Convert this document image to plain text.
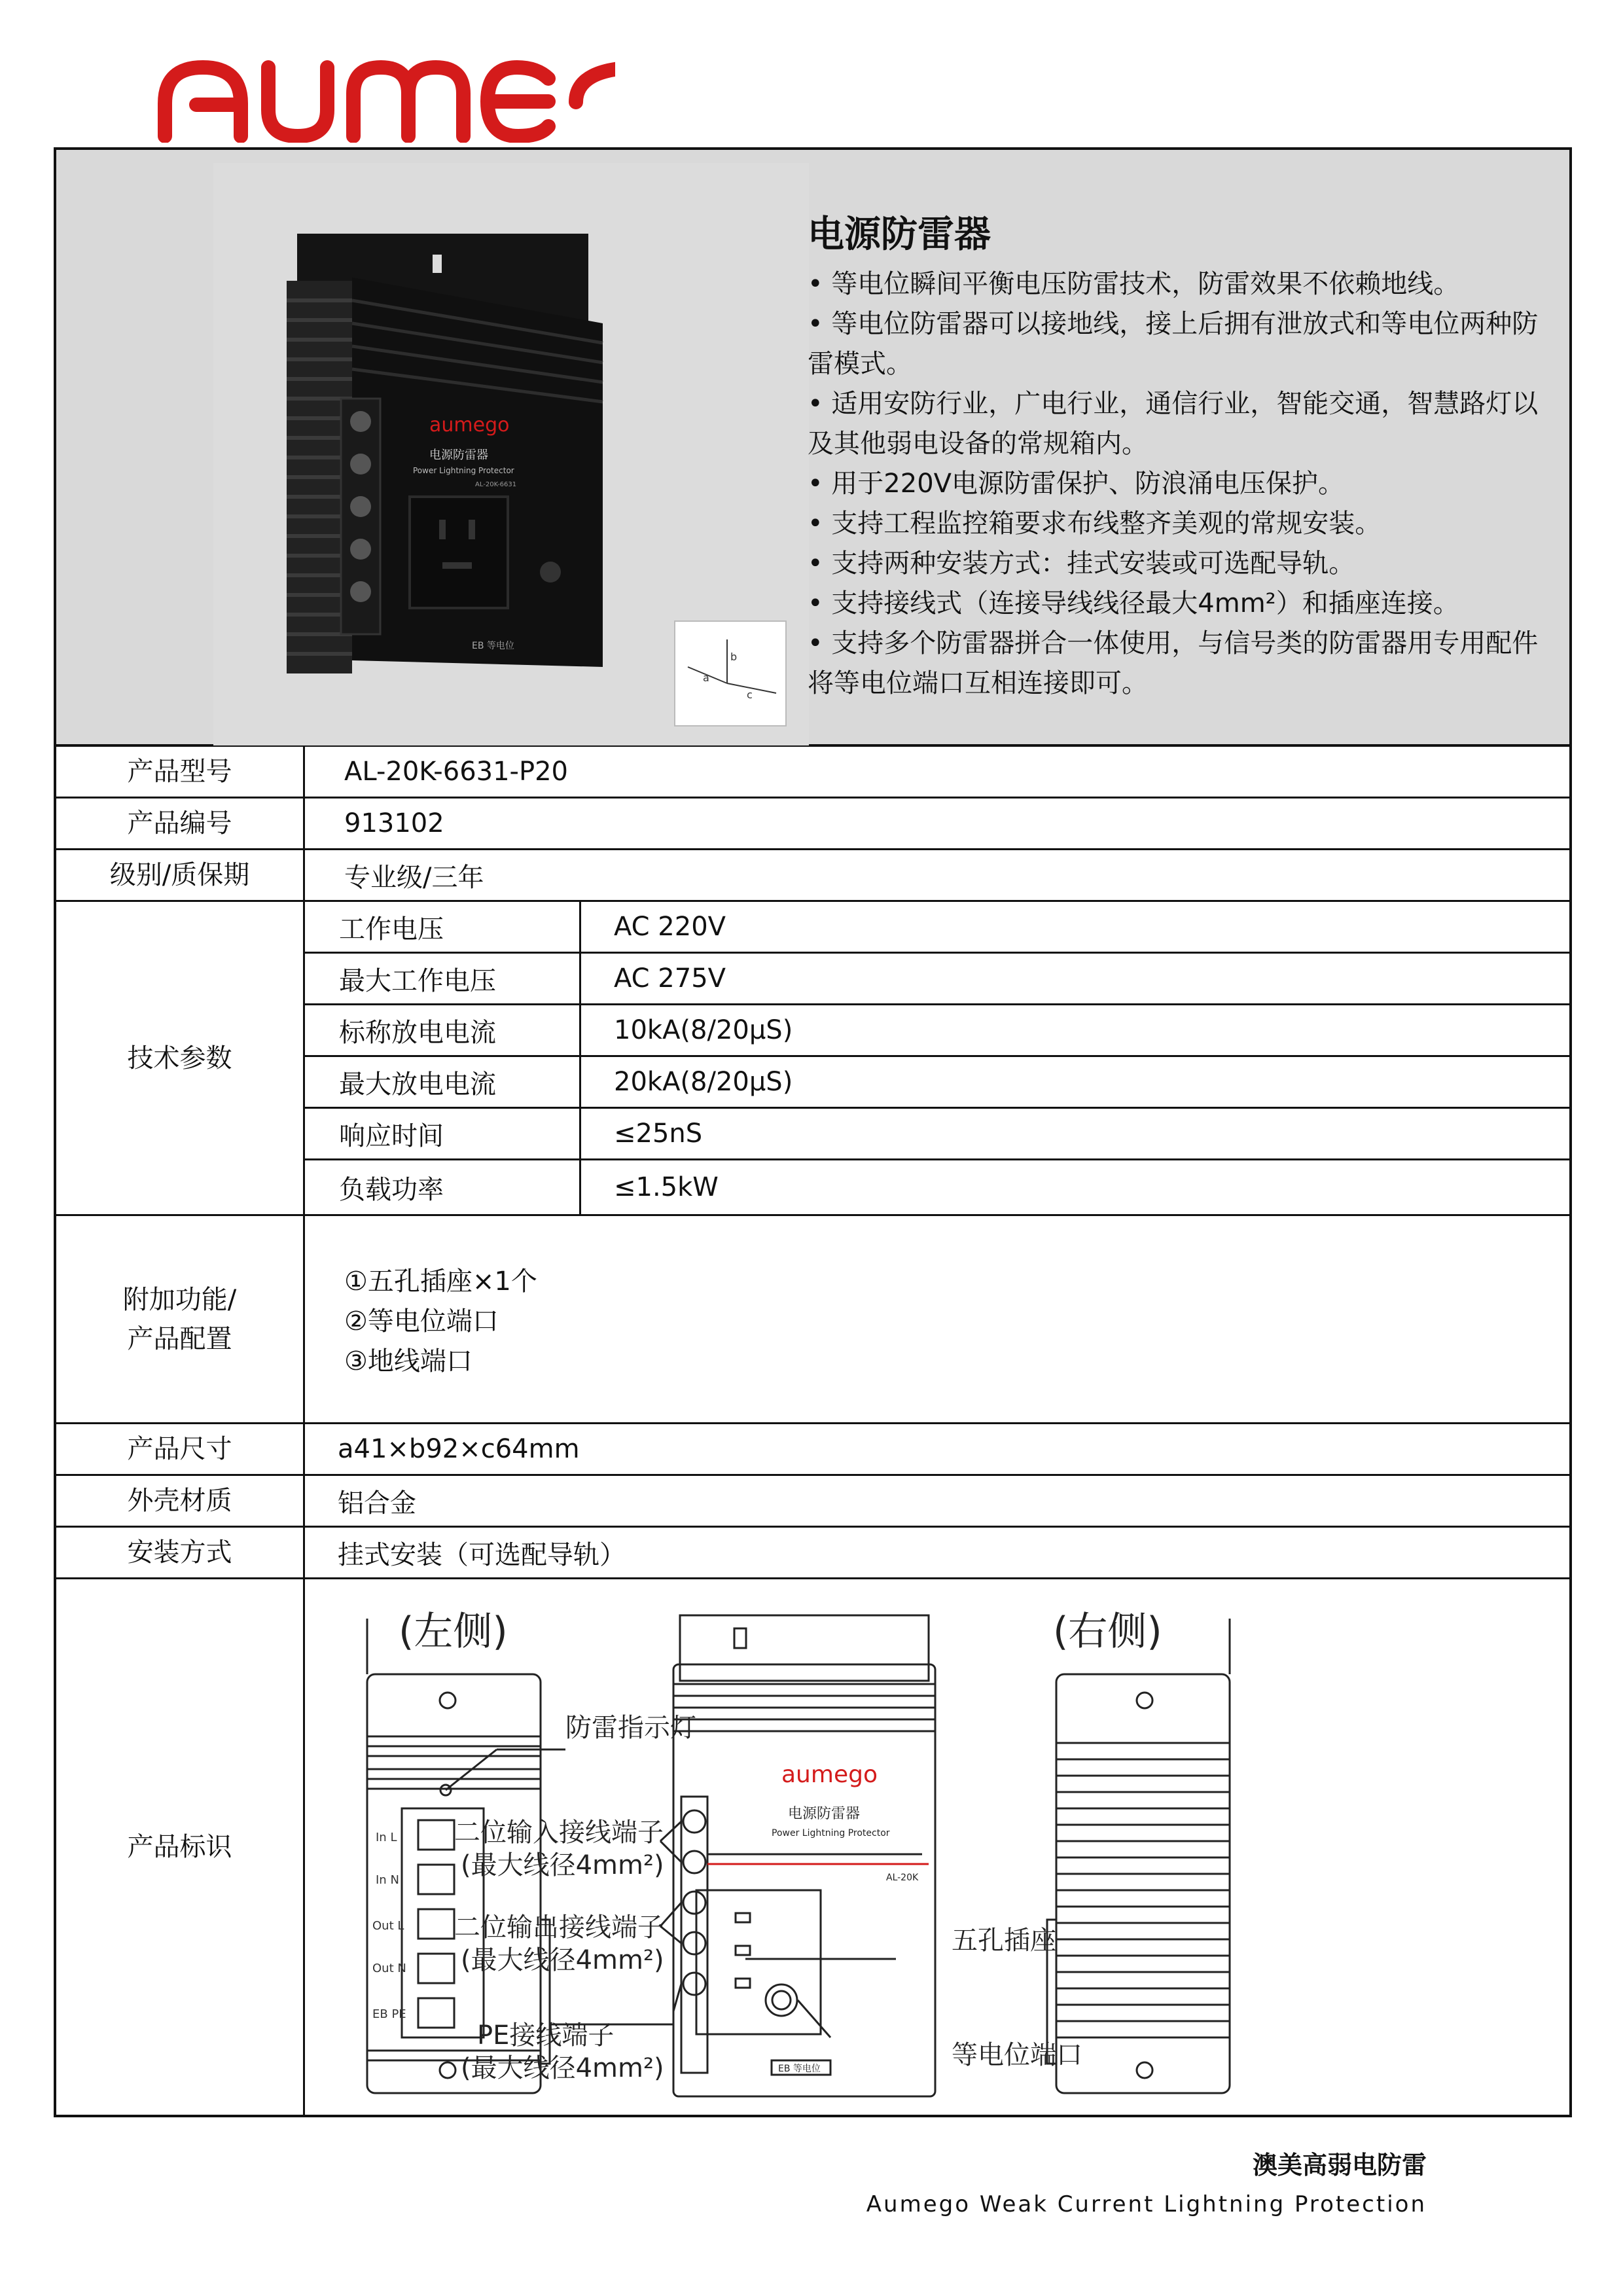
aumego
aumego
电源防雷器
Power Lightning Protector
AL-20K-6631
EB 等电位
a
b
c
电源防雷器
• 等电位瞬间平衡电压防雷技术，防雷效果不依赖地线。
• 等电位防雷器可以接地线，接上后拥有泄放式和等电位两种防
雷模式。
• 适用安防行业，广电行业，通信行业，智能交通，智慧路灯以
及其他弱电设备的常规箱内。
• 用于220V电源防雷保护、防浪涌电压保护。
• 支持工程监控箱要求布线整齐美观的常规安装。
• 支持两种安装方式：挂式安装或可选配导轨。
• 支持接线式（连接导线线径最大4mm²）和插座连接。
• 支持多个防雷器拼合一体使用，与信号类的防雷器用专用配件
将等电位端口互相连接即可。
产品型号	AL-20K-6631-P20
产品编号	913102
级别/质保期	专业级/三年
技术参数
工作电压	AC 220V
最大工作电压	AC 275V
标称放电电流	10kA(8/20μS)
最大放电电流	20kA(8/20μS)
响应时间	≤25nS
负载功率	≤1.5kW
附加功能/
产品配置
①五孔插座×1个
②等电位端口
③地线端口
产品尺寸	a41×b92×c64mm
外壳材质	铝合金
安装方式	挂式安装（可选配导轨）
产品标识
(左侧)
防雷指示灯
In L
In N
Out L
Out N
EB PE
aumego
电源防雷器
Power Lightning Protector
AL-20K
EB 等电位
二位输入接线端子
(最大线径4mm²)
二位输出接线端子
(最大线径4mm²)
PE接线端子
(最大线径4mm²)
五孔插座
等电位端口
(右侧)
澳美高弱电防雷
Aumego Weak Current Lightning Protection
